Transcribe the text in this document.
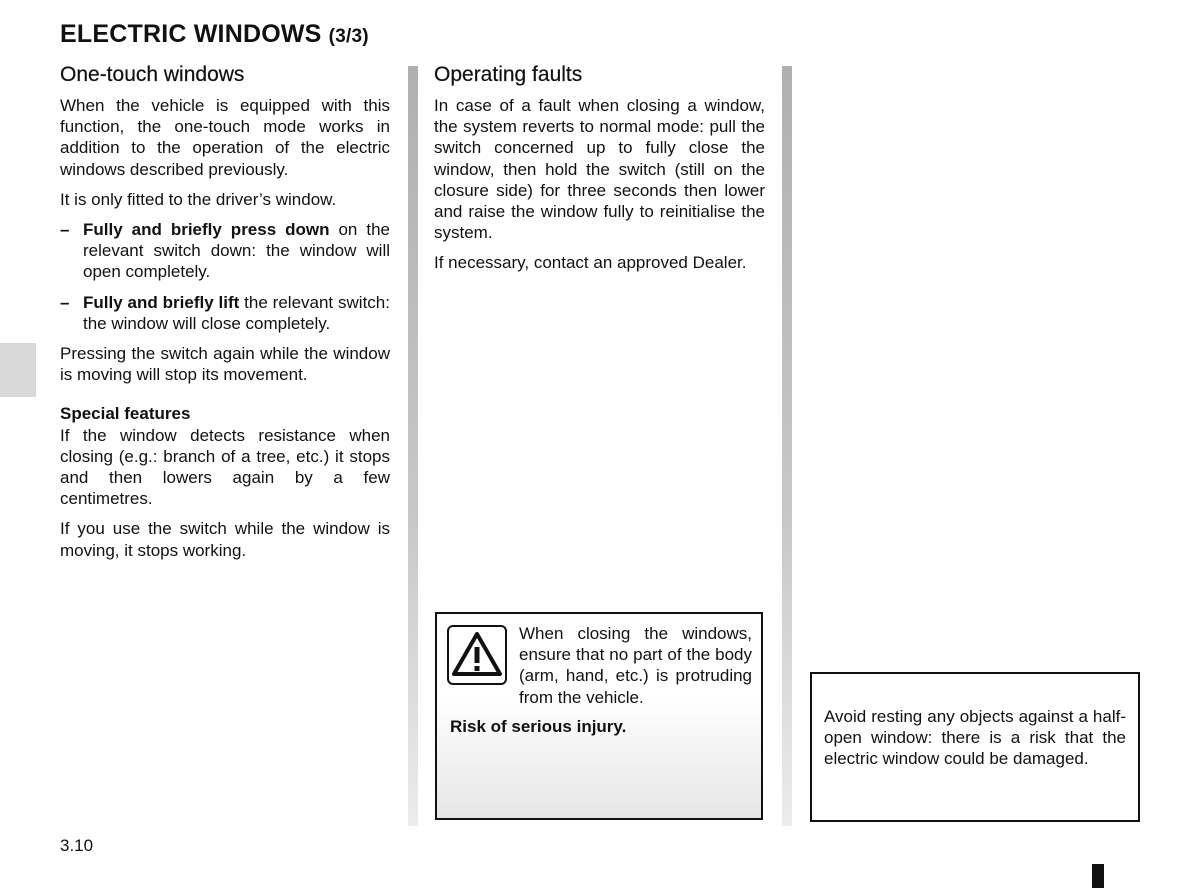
ELECTRIC WINDOWS (3/3)
One-touch windows

When the vehicle is equipped with this function, the one-touch mode works in addition to the operation of the electric windows described previously.

It is only fitted to the driver’s window.

– Fully and briefly press down on the relevant switch down: the window will open completely.
– Fully and briefly lift the relevant switch: the window will close completely.

Pressing the switch again while the window is moving will stop its movement.

Special features

If the window detects resistance when closing (e.g.: branch of a tree, etc.) it stops and then lowers again by a few centimetres.

If you use the switch while the window is moving, it stops working.

Operating faults

In case of a fault when closing a window, the system reverts to normal mode: pull the switch concerned up to fully close the window, then hold the switch (still on the closure side) for three seconds then lower and raise the window fully to reinitialise the system.

If necessary, contact an approved Dealer.

When closing the windows, ensure that no part of the body (arm, hand, etc.) is protruding from the vehicle.

Risk of serious injury.

Avoid resting any objects against a half-open window: there is a risk that the electric window could be damaged.

3.10
